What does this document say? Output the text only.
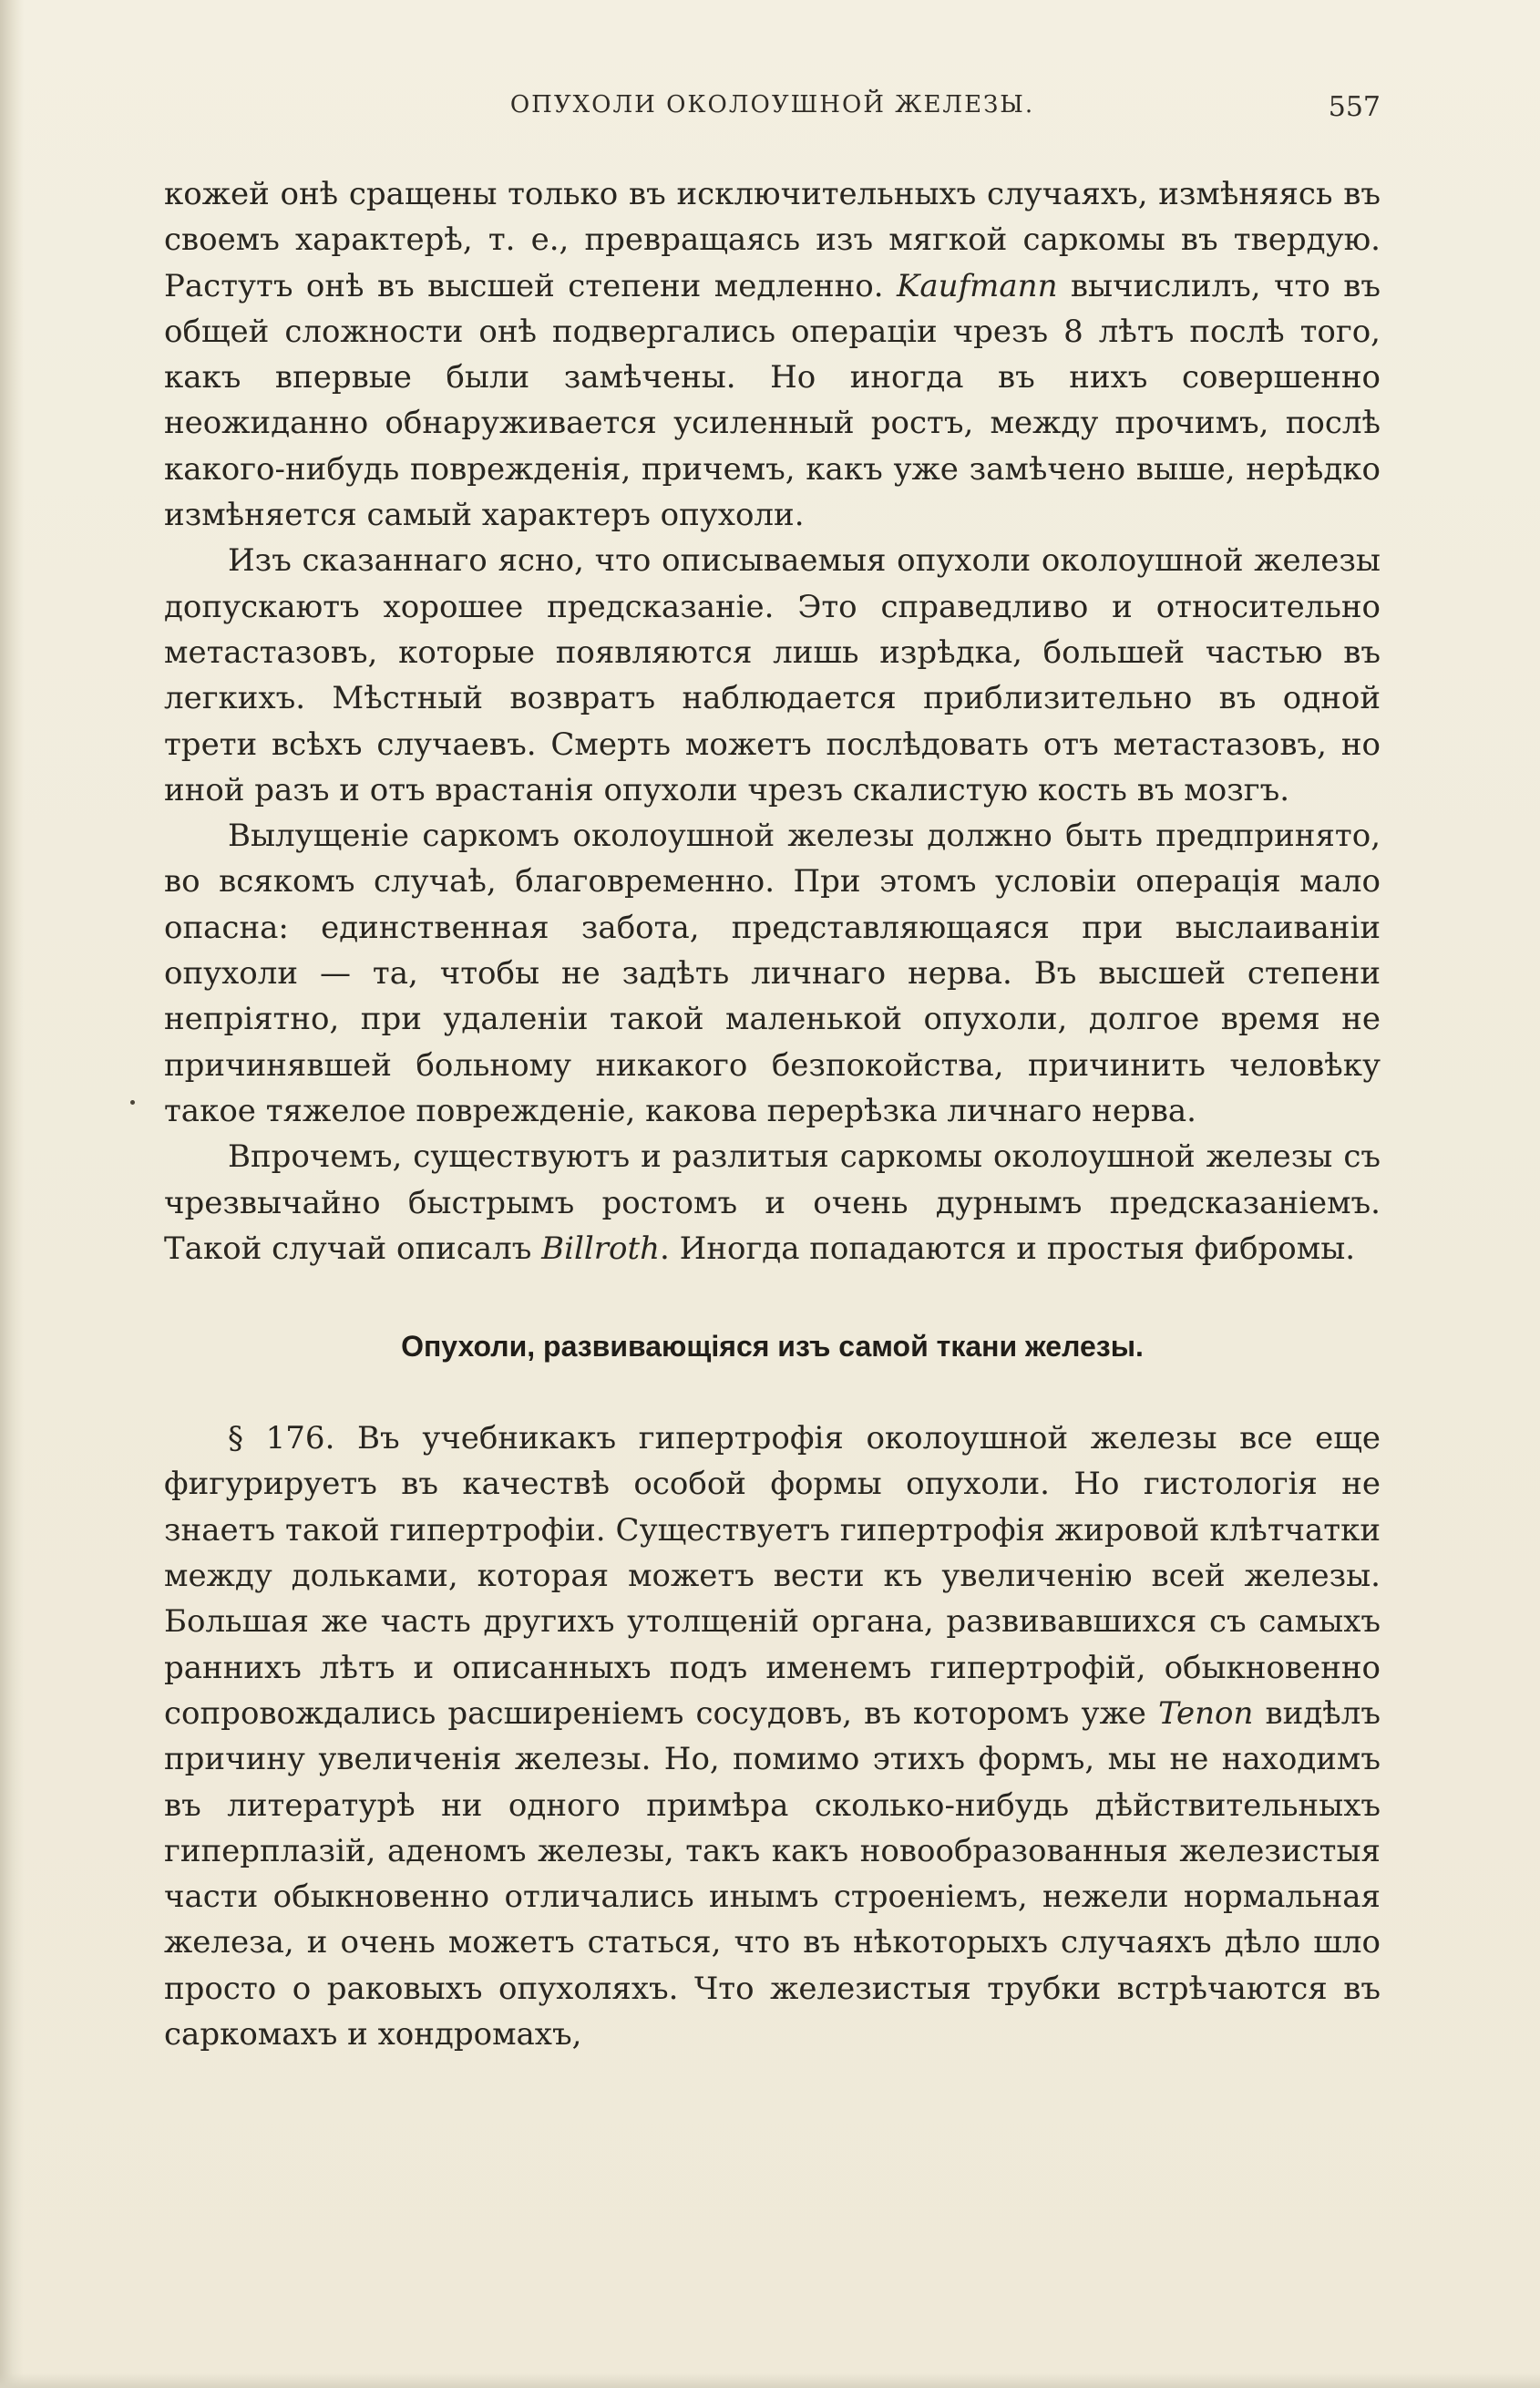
ОПУХОЛИ ОКОЛОУШНОЙ ЖЕЛЕЗЫ.	557

кожей онѣ сращены только въ исключительныхъ случаяхъ, измѣняясь въ своемъ характерѣ, т. е., превращаясь изъ мягкой саркомы въ твердую. Растутъ онѣ въ высшей степени медленно. Kaufmann вычислилъ, что въ общей сложности онѣ подвергались операціи чрезъ 8 лѣтъ послѣ того, какъ впервые были замѣчены. Но иногда въ нихъ совершенно неожиданно обнаруживается усиленный ростъ, между прочимъ, послѣ какого-нибудь поврежденія, причемъ, какъ уже замѣчено выше, нерѣдко измѣняется самый характеръ опухоли.

Изъ сказаннаго ясно, что описываемыя опухоли околоушной железы допускаютъ хорошее предсказаніе. Это справедливо и относительно метастазовъ, которые появляются лишь изрѣдка, большей частью въ легкихъ. Мѣстный возвратъ наблюдается приблизительно въ одной трети всѣхъ случаевъ. Смерть можетъ послѣдовать отъ метастазовъ, но иной разъ и отъ врастанія опухоли чрезъ скалистую кость въ мозгъ.

Вылущеніе саркомъ околоушной железы должно быть предпринято, во всякомъ случаѣ, благовременно. При этомъ условіи операція мало опасна: единственная забота, представляющаяся при выслаиваніи опухоли — та, чтобы не задѣть личнаго нерва. Въ высшей степени непріятно, при удаленіи такой маленькой опухоли, долгое время не причинявшей больному никакого безпокойства, причинить человѣку такое тяжелое поврежденіе, какова перерѣзка личнаго нерва.

Впрочемъ, существуютъ и разлитыя саркомы околоушной железы съ чрезвычайно быстрымъ ростомъ и очень дурнымъ предсказаніемъ. Такой случай описалъ Billroth. Иногда попадаются и простыя фибромы.

Опухоли, развивающіяся изъ самой ткани железы.

§ 176. Въ учебникакъ гипертрофія околоушной железы все еще фигурируетъ въ качествѣ особой формы опухоли. Но гистологія не знаетъ такой гипертрофіи. Существуетъ гипертрофія жировой клѣтчатки между дольками, которая можетъ вести къ увеличенію всей железы. Большая же часть другихъ утолщеній органа, развивавшихся съ самыхъ раннихъ лѣтъ и описанныхъ подъ именемъ гипертрофій, обыкновенно сопровождались расширеніемъ сосудовъ, въ которомъ уже Tenon видѣлъ причину увеличенія железы. Но, помимо этихъ формъ, мы не находимъ въ литературѣ ни одного примѣра сколько-нибудь дѣйствительныхъ гиперплазій, аденомъ железы, такъ какъ новообразованныя железистыя части обыкновенно отличались инымъ строеніемъ, нежели нормальная железа, и очень можетъ статься, что въ нѣкоторыхъ случаяхъ дѣло шло просто о раковыхъ опухоляхъ. Что железистыя трубки встрѣчаются въ саркомахъ и хондромахъ,
